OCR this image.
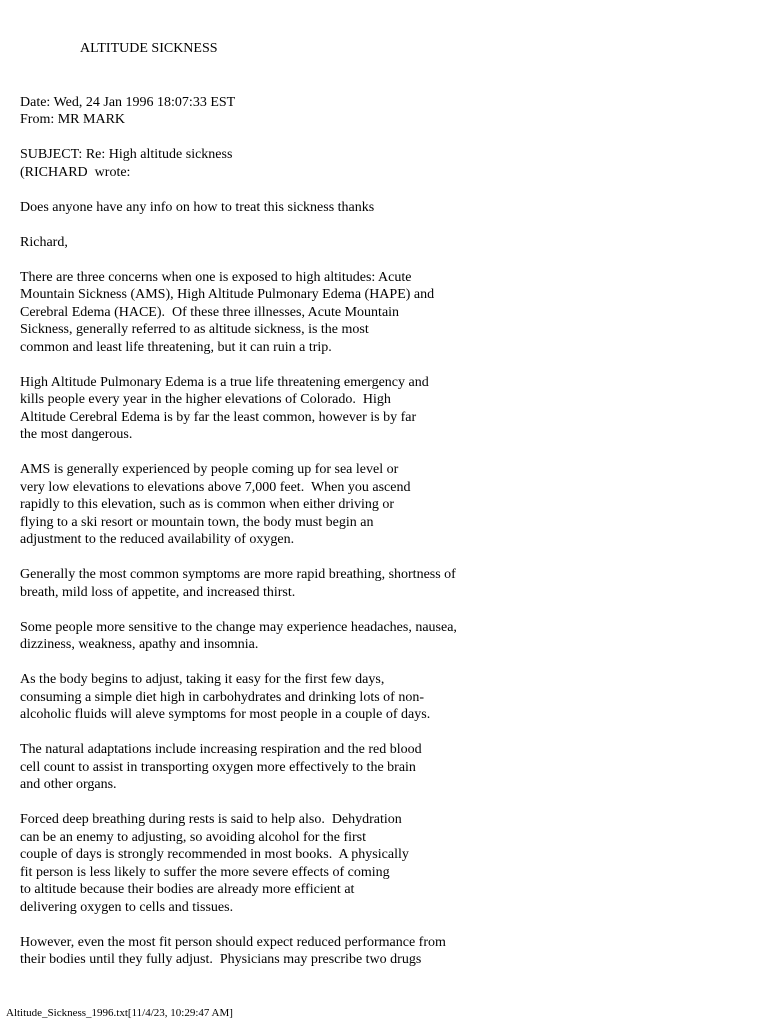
ALTITUDE SICKNESS
Date: Wed, 24 Jan 1996 18:07:33 EST
From: MR MARK
SUBJECT: Re: High altitude sickness
(RICHARD  wrote:
Does anyone have any info on how to treat this sickness thanks
Richard,
There are three concerns when one is exposed to high altitudes: Acute
Mountain Sickness (AMS), High Altitude Pulmonary Edema (HAPE) and
Cerebral Edema (HACE).  Of these three illnesses, Acute Mountain
Sickness, generally referred to as altitude sickness, is the most
common and least life threatening, but it can ruin a trip.
High Altitude Pulmonary Edema is a true life threatening emergency and
kills people every year in the higher elevations of Colorado.  High
Altitude Cerebral Edema is by far the least common, however is by far
the most dangerous.
AMS is generally experienced by people coming up for sea level or
very low elevations to elevations above 7,000 feet.  When you ascend
rapidly to this elevation, such as is common when either driving or
flying to a ski resort or mountain town, the body must begin an
adjustment to the reduced availability of oxygen.
Generally the most common symptoms are more rapid breathing, shortness of
breath, mild loss of appetite, and increased thirst.
Some people more sensitive to the change may experience headaches, nausea,
dizziness, weakness, apathy and insomnia.
As the body begins to adjust, taking it easy for the first few days,
consuming a simple diet high in carbohydrates and drinking lots of non-
alcoholic fluids will aleve symptoms for most people in a couple of days.
The natural adaptations include increasing respiration and the red blood
cell count to assist in transporting oxygen more effectively to the brain
and other organs.
Forced deep breathing during rests is said to help also.  Dehydration
can be an enemy to adjusting, so avoiding alcohol for the first
couple of days is strongly recommended in most books.  A physically
fit person is less likely to suffer the more severe effects of coming
to altitude because their bodies are already more efficient at
delivering oxygen to cells and tissues.
However, even the most fit person should expect reduced performance from
their bodies until they fully adjust.  Physicians may prescribe two drugs
Altitude_Sickness_1996.txt[11/4/23, 10:29:47 AM]
